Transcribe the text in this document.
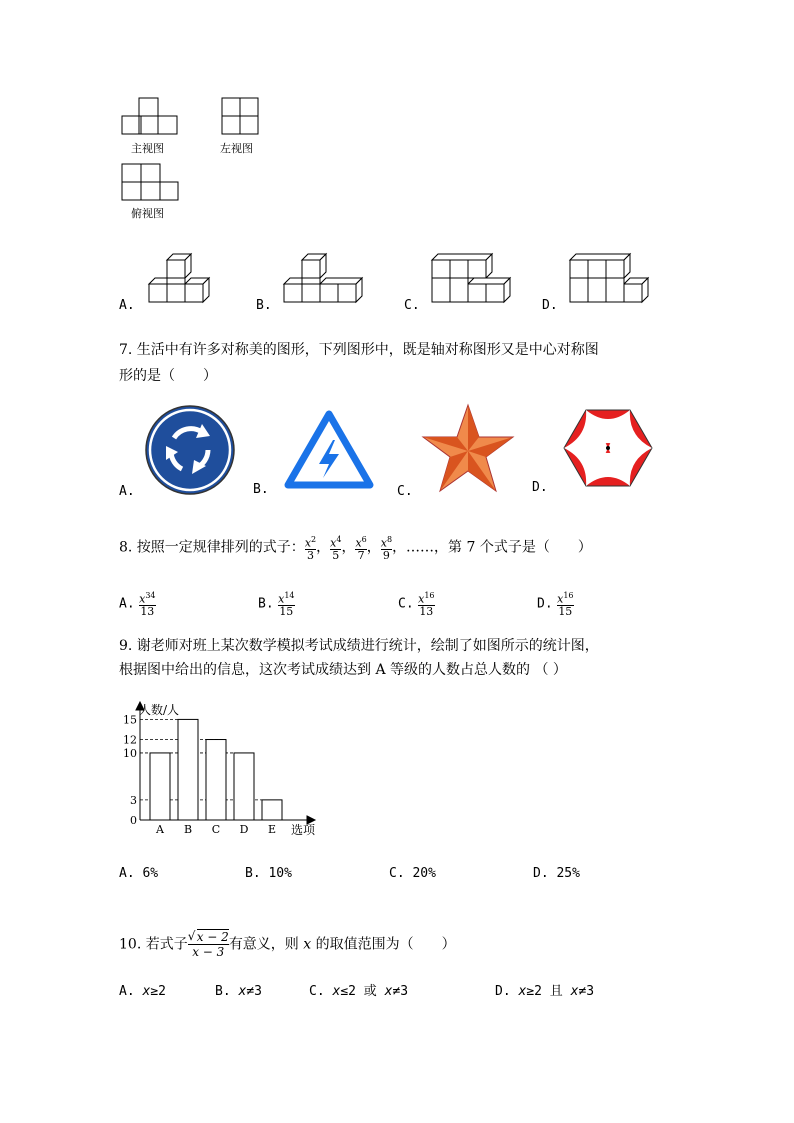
主视图	左视图
俯视图
A.	B.	C.	D.
7. 生活中有许多对称美的图形，下列图形中，既是轴对称图形又是中心对称图
形的是（　　）
A.	B.	C.	D.
8. 按照一定规律排列的式子： $\frac{x^2}{3}$ ， $\frac{x^4}{5}$ ， $\frac{x^6}{7}$ ， $\frac{x^8}{9}$ ，……，第 7 个式子是（　　）
A. $\frac{x^{34}}{13}$	B. $\frac{x^{14}}{15}$	C. $\frac{x^{16}}{13}$	D. $\frac{x^{16}}{15}$
9. 谢老师对班上某次数学模拟考试成绩进行统计，绘制了如图所示的统计图，
根据图中给出的信息，这次考试成绩达到 A 等级的人数占总人数的 （ ）
人数/人
选项
0
3
10
12
15
A B C D E
A. 6%	B. 10%	C. 20%	D. 25%
10. 若式子 $\frac{√ x - 2}{x - 3}$ 有意义，则 x 的取值范围为（　　）
A. x≥2	B. x≠3	C. x≤2 或 x≠3	D. x≥2 且 x≠3
